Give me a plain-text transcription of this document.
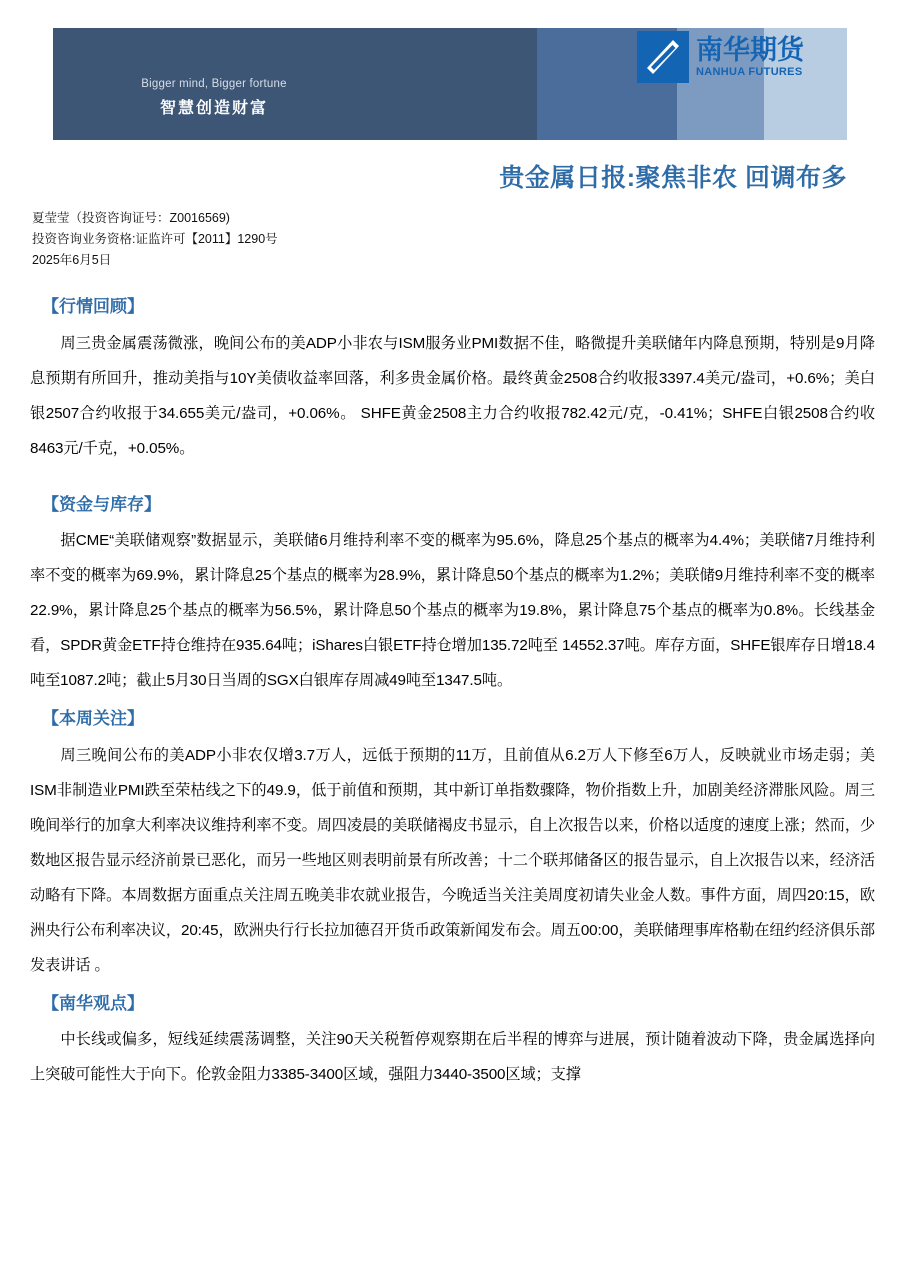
Bigger mind, Bigger fortune
智慧创造财富
南华期货
NANHUA FUTURES
贵金属日报:聚焦非农 回调布多
夏莹莹（投资咨询证号：Z0016569)
投资咨询业务资格:证监许可【2011】1290号
2025年6月5日
【行情回顾】

周三贵金属震荡微涨，晚间公布的美ADP小非农与ISM服务业PMI数据不佳，略微提升美联储年内降息预期，特别是9月降息预期有所回升，推动美指与10Y美债收益率回落，利多贵金属价格。最终黄金2508合约收报3397.4美元/盎司，+0.6%；美白银2507合约收报于34.655美元/盎司，+0.06%。 SHFE黄金2508主力合约收报782.42元/克，-0.41%；SHFE白银2508合约收8463元/千克，+0.05%。

【资金与库存】

据CME“美联储观察”数据显示，美联储6月维持利率不变的概率为95.6%，降息25个基点的概率为4.4%；美联储7月维持利率不变的概率为69.9%，累计降息25个基点的概率为28.9%，累计降息50个基点的概率为1.2%；美联储9月维持利率不变的概率22.9%，累计降息25个基点的概率为56.5%，累计降息50个基点的概率为19.8%，累计降息75个基点的概率为0.8%。长线基金看，SPDR黄金ETF持仓维持在935.64吨；iShares白银ETF持仓增加135.72吨至 14552.37吨。库存方面，SHFE银库存日增18.4吨至1087.2吨；截止5月30日当周的SGX白银库存周减49吨至1347.5吨。

【本周关注】

周三晚间公布的美ADP小非农仅增3.7万人，远低于预期的11万，且前值从6.2万人下修至6万人，反映就业市场走弱；美ISM非制造业PMI跌至荣枯线之下的49.9，低于前值和预期，其中新订单指数骤降，物价指数上升，加剧美经济滞胀风险。周三晚间举行的加拿大利率决议维持利率不变。周四凌晨的美联储褐皮书显示，自上次报告以来，价格以适度的速度上涨；然而，少数地区报告显示经济前景已恶化，而另一些地区则表明前景有所改善；十二个联邦储备区的报告显示，自上次报告以来，经济活动略有下降。本周数据方面重点关注周五晚美非农就业报告，今晚适当关注美周度初请失业金人数。事件方面，周四20:15，欧洲央行公布利率决议，20:45，欧洲央行行长拉加德召开货币政策新闻发布会。周五00:00，美联储理事库格勒在纽约经济俱乐部发表讲话 。

【南华观点】

中长线或偏多，短线延续震荡调整，关注90天关税暂停观察期在后半程的博弈与进展，预计随着波动下降，贵金属选择向上突破可能性大于向下。伦敦金阻力3385-3400区域，强阻力3440-3500区域；支撑
